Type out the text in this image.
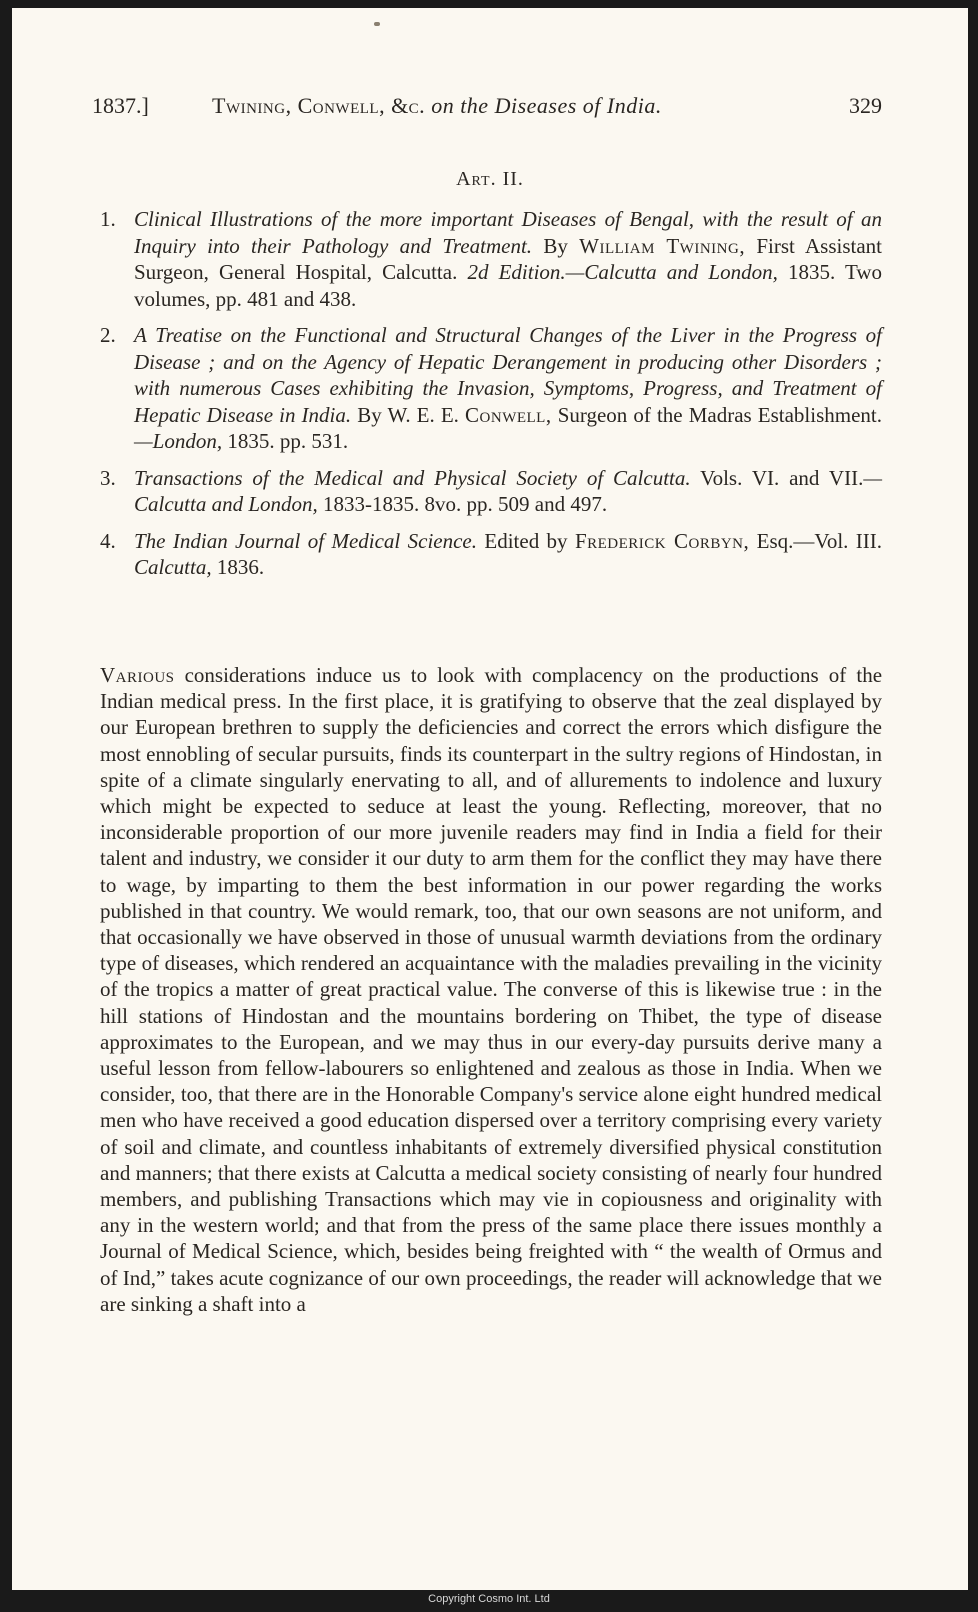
1837.]	Twining, Conwell, &c. on the Diseases of India.	329
Art. II.
1. Clinical Illustrations of the more important Diseases of Bengal, with the result of an Inquiry into their Pathology and Treatment. By William Twining, First Assistant Surgeon, General Hospital, Calcutta. 2d Edition.—Calcutta and London, 1835. Two volumes, pp. 481 and 438.
2. A Treatise on the Functional and Structural Changes of the Liver in the Progress of Disease ; and on the Agency of Hepatic Derangement in producing other Disorders ; with numerous Cases exhibiting the Invasion, Symptoms, Progress, and Treatment of Hepatic Disease in India. By W. E. E. Conwell, Surgeon of the Madras Establishment. —London, 1835. pp. 531.
3. Transactions of the Medical and Physical Society of Calcutta. Vols. VI. and VII.—Calcutta and London, 1833-1835. 8vo. pp. 509 and 497.
4. The Indian Journal of Medical Science. Edited by Frederick Corbyn, Esq.—Vol. III. Calcutta, 1836.
Various considerations induce us to look with complacency on the productions of the Indian medical press. In the first place, it is gratifying to observe that the zeal displayed by our European brethren to supply the deficiencies and correct the errors which disfigure the most ennobling of secular pursuits, finds its counterpart in the sultry regions of Hindostan, in spite of a climate singularly enervating to all, and of allurements to indolence and luxury which might be expected to seduce at least the young. Reflecting, moreover, that no inconsiderable proportion of our more juvenile readers may find in India a field for their talent and industry, we consider it our duty to arm them for the conflict they may have there to wage, by imparting to them the best information in our power regarding the works published in that country. We would remark, too, that our own seasons are not uniform, and that occasionally we have observed in those of unusual warmth deviations from the ordinary type of diseases, which rendered an acquaintance with the maladies prevailing in the vicinity of the tropics a matter of great practical value. The converse of this is likewise true : in the hill stations of Hindostan and the mountains bordering on Thibet, the type of disease approximates to the European, and we may thus in our every-day pursuits derive many a useful lesson from fellow-labourers so enlightened and zealous as those in India. When we consider, too, that there are in the Honorable Company's service alone eight hundred medical men who have received a good education dispersed over a territory comprising every variety of soil and climate, and countless inhabitants of extremely diversified physical constitution and manners; that there exists at Calcutta a medical society consisting of nearly four hundred members, and publishing Transactions which may vie in copiousness and originality with any in the western world; and that from the press of the same place there issues monthly a Journal of Medical Science, which, besides being freighted with “ the wealth of Ormus and of Ind,” takes acute cognizance of our own proceedings, the reader will acknowledge that we are sinking a shaft into a
Copyright Cosmo Int. Ltd
